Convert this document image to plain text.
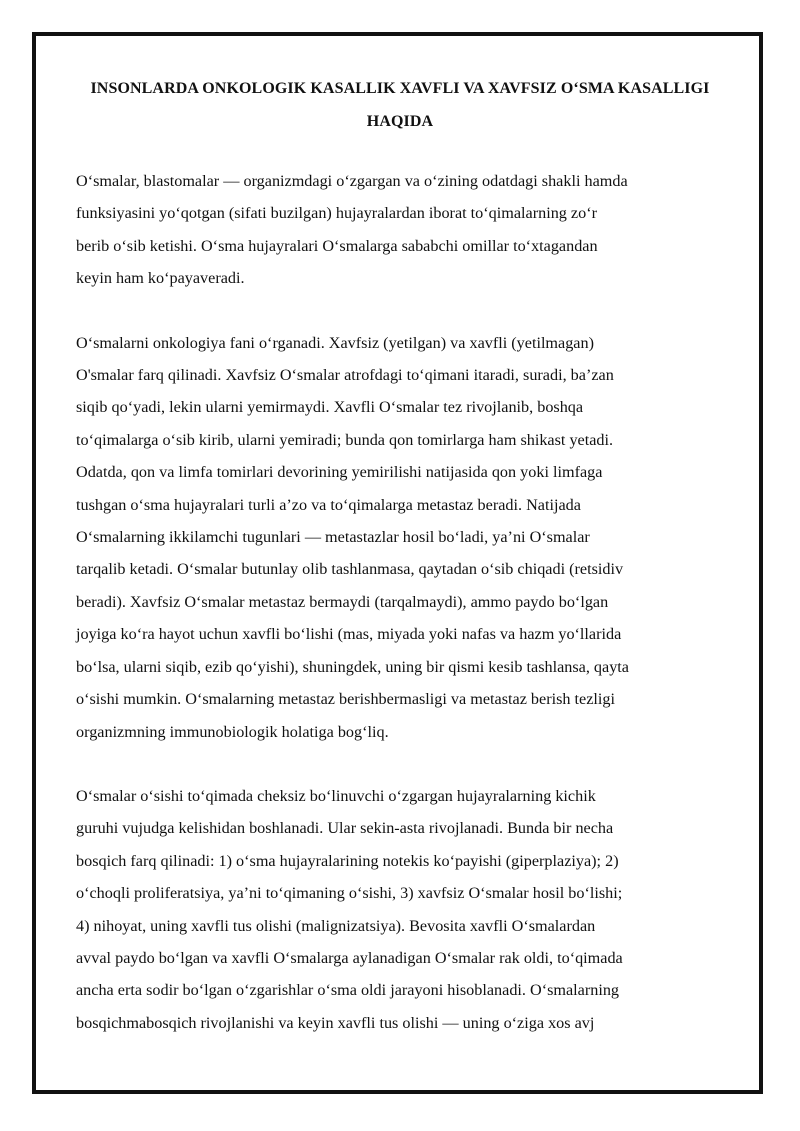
INSONLARDA ONKOLOGIK KASALLIK XAVFLI VA XAVFSIZ O‘SMA KASALLIGI HAQIDA

O‘smalar, blastomalar — organizmdagi o‘zgargan va o‘zining odatdagi shakli hamda
funksiyasini yo‘qotgan (sifati buzilgan) hujayralardan iborat to‘qimalarning zo‘r
berib o‘sib ketishi. O‘sma hujayralari O‘smalarga sababchi omillar to‘xtagandan
keyin ham ko‘payaveradi.

O‘smalarni onkologiya fani o‘rganadi. Xavfsiz (yetilgan) va xavfli (yetilmagan)
O'smalar farq qilinadi. Xavfsiz O‘smalar atrofdagi to‘qimani itaradi, suradi, ba’zan
siqib qo‘yadi, lekin ularni yemirmaydi. Xavfli O‘smalar tez rivojlanib, boshqa
to‘qimalarga o‘sib kirib, ularni yemiradi; bunda qon tomirlarga ham shikast yetadi.
Odatda, qon va limfa tomirlari devorining yemirilishi natijasida qon yoki limfaga
tushgan o‘sma hujayralari turli a’zo va to‘qimalarga metastaz beradi. Natijada
O‘smalarning ikkilamchi tugunlari — metastazlar hosil bo‘ladi, ya’ni O‘smalar
tarqalib ketadi. O‘smalar butunlay olib tashlanmasa, qaytadan o‘sib chiqadi (retsidiv
beradi). Xavfsiz O‘smalar metastaz bermaydi (tarqalmaydi), ammo paydo bo‘lgan
joyiga ko‘ra hayot uchun xavfli bo‘lishi (mas, miyada yoki nafas va hazm yo‘llarida
bo‘lsa, ularni siqib, ezib qo‘yishi), shuningdek, uning bir qismi kesib tashlansa, qayta
o‘sishi mumkin. O‘smalarning metastaz berishbermasligi va metastaz berish tezligi
organizmning immunobiologik holatiga bog‘liq.

O‘smalar o‘sishi to‘qimada cheksiz bo‘linuvchi o‘zgargan hujayralarning kichik
guruhi vujudga kelishidan boshlanadi. Ular sekin-asta rivojlanadi. Bunda bir necha
bosqich farq qilinadi: 1) o‘sma hujayralarining notekis ko‘payishi (giperplaziya); 2)
o‘choqli proliferatsiya, ya’ni to‘qimaning o‘sishi, 3) xavfsiz O‘smalar hosil bo‘lishi;
4) nihoyat, uning xavfli tus olishi (malignizatsiya). Bevosita xavfli O‘smalardan
avval paydo bo‘lgan va xavfli O‘smalarga aylanadigan O‘smalar rak oldi, to‘qimada
ancha erta sodir bo‘lgan o‘zgarishlar o‘sma oldi jarayoni hisoblanadi. O‘smalarning
bosqichmabosqich rivojlanishi va keyin xavfli tus olishi — uning o‘ziga xos avj
